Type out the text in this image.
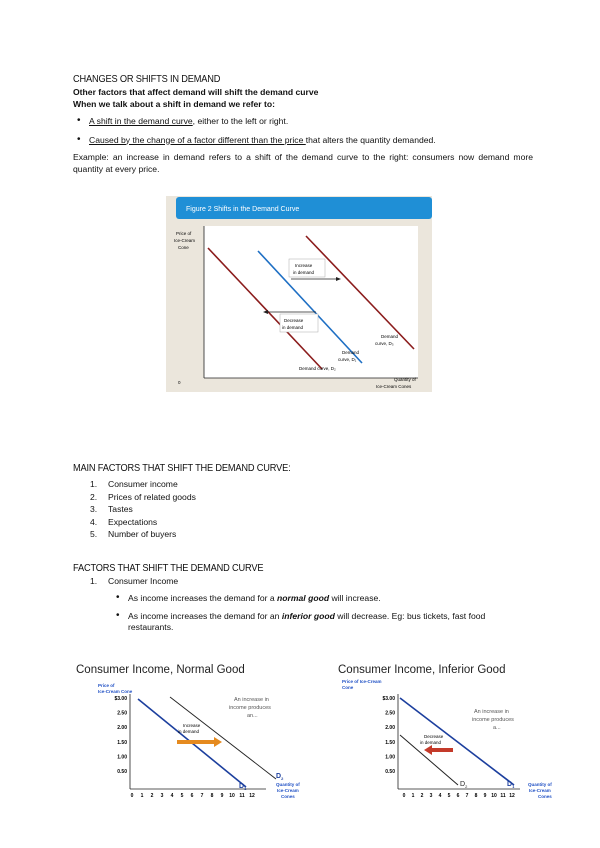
CHANGES OR SHIFTS IN DEMAND
Other factors that affect demand will shift the demand curve
When we talk about a shift in demand we refer to:
• A shift in the demand curve, either to the left or right.
• Caused by the change of a factor different than the price that alters the quantity demanded.
Example: an increase in demand refers to a shift of the demand curve to the right: consumers now demand more quantity at every price.
Figure 2 Shifts in the Demand Curve
Price of
Ice-Cream
Cone
0
Quantity of
Ice-Cream Cones
Increase
in demand
Decrease
in demand
Demand
curve, D₃
Demand
curve, D₁
Demand curve, D₂
MAIN FACTORS THAT SHIFT THE DEMAND CURVE:
1.	Consumer income
2.	Prices of related goods
3.	Tastes
4.	Expectations
5.	Number of buyers
FACTORS THAT SHIFT THE DEMAND CURVE
1. Consumer Income
• As income increases the demand for a normal good will increase.
• As income increases the demand for an inferior good will decrease. Eg: bus tickets, fast food restaurants.
Consumer Income, Normal Good
Price of
Ice-Cream Cone
$3.00
2.50
2.00
1.50
1.00
0.50
0 1 2 3 4 5 6 7 8 9 10 11 12
Increase
in demand
An increase in
income produces
an...
$D_1$
$D_2$
Quantity of
Ice-Cream
Cones
Consumer Income, Inferior Good
Price of Ice-Cream
Cone
$3.00
2.50
2.00
1.50
1.00
0.50
0 1 2 3 4 5 6 7 8 9 10 11 12
Decrease
in demand
An increase in
income produces
a...
$D_2$	$D_1$	Quantity of
Ice-Cream
Cones
